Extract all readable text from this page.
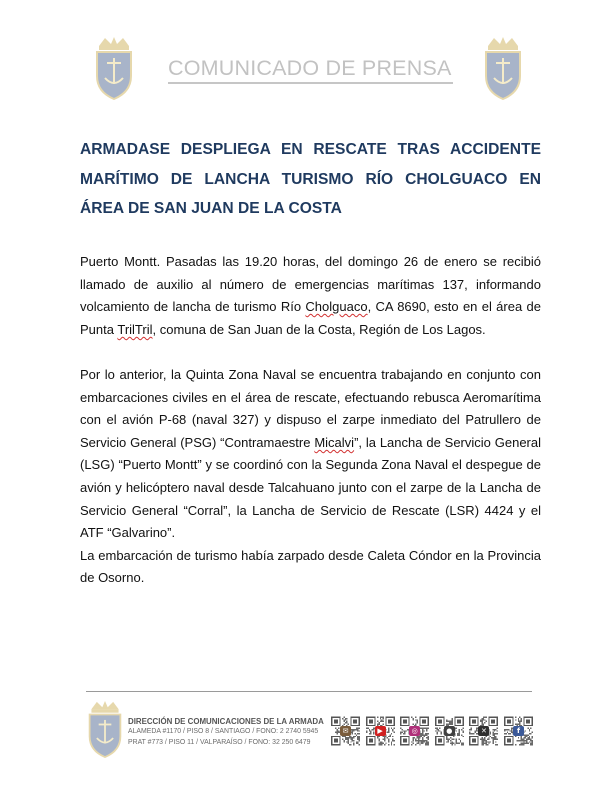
COMUNICADO DE PRENSA
ARMADASE DESPLIEGA EN RESCATE TRAS ACCIDENTE MARÍTIMO DE LANCHA TURISMO RÍO CHOLGUACO EN ÁREA DE SAN JUAN DE LA COSTA

Puerto Montt. Pasadas las 19.20 horas, del domingo 26 de enero se recibió llamado de auxilio al número de emergencias marítimas 137, informando volcamiento de lancha de turismo Río Cholguaco, CA 8690, esto en el área de Punta TrilTril, comuna de San Juan de la Costa, Región de Los Lagos.

Por lo anterior, la Quinta Zona Naval se encuentra trabajando en conjunto con embarcaciones civiles en el área de rescate, efectuando rebusca Aeromarítima con el avión P-68 (naval 327) y dispuso el zarpe inmediato del Patrullero de Servicio General (PSG) “Contramaestre Micalvi”, la Lancha de Servicio General (LSG) “Puerto Montt” y se coordinó con la Segunda Zona Naval el despegue de avión y helicóptero naval desde Talcahuano junto con el zarpe de la Lancha de Servicio General “Corral”, la Lancha de Servicio de Rescate (LSR) 4424 y el ATF “Galvarino”.

La embarcación de turismo había zarpado desde Caleta Cóndor en la Provincia de Osorno.

DIRECCIÓN DE COMUNICACIONES DE LA ARMADA
ALAMEDA #1170 / PISO 8 / SANTIAGO / FONO: 2 2740 5945
PRAT #773 / PISO 11 / VALPARAÍSO / FONO: 32 250 6479
✉	▶	◎	●	✕	f
